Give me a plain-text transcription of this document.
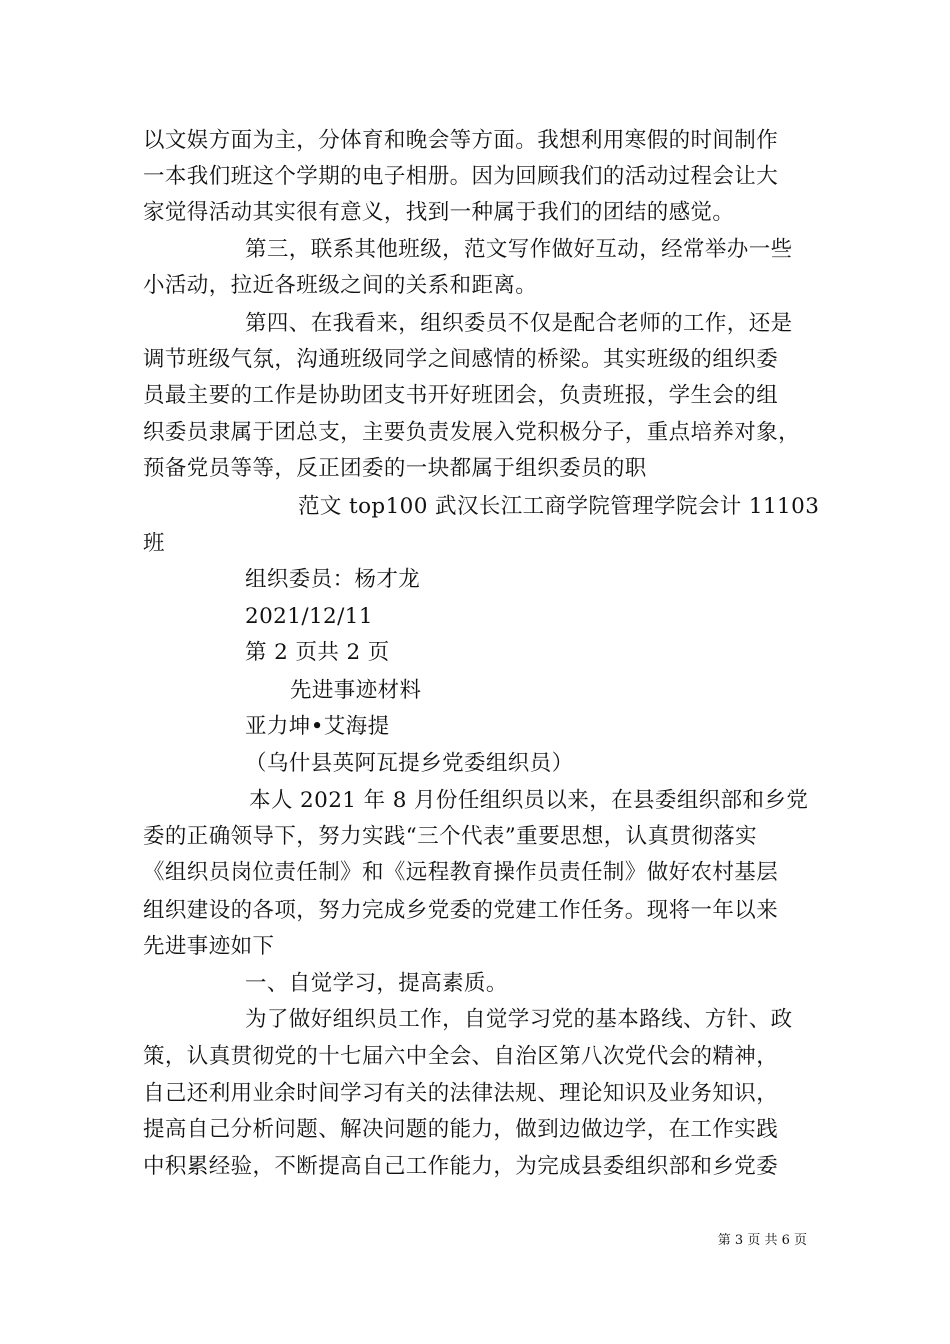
以文娱方面为主，分体育和晚会等方面。我想利用寒假的时间制作
一本我们班这个学期的电子相册。因为回顾我们的活动过程会让大
家觉得活动其实很有意义，找到一种属于我们的团结的感觉。
第三，联系其他班级，范文写作做好互动，经常举办一些
小活动，拉近各班级之间的关系和距离。
第四、在我看来，组织委员不仅是配合老师的工作，还是
调节班级气氛，沟通班级同学之间感情的桥梁。其实班级的组织委
员最主要的工作是协助团支书开好班团会，负责班报，学生会的组
织委员隶属于团总支，主要负责发展入党积极分子，重点培养对象，
预备党员等等，反正团委的一块都属于组织委员的职
范文 top100 武汉长江工商学院管理学院会计 11103
班
组织委员：杨才龙
2021/12/11
第 2 页共 2 页
先进事迹材料
亚力坤•艾海提
（乌什县英阿瓦提乡党委组织员）
本人 2021 年 8 月份任组织员以来，在县委组织部和乡党
委的正确领导下，努力实践“三个代表”重要思想，认真贯彻落实
《组织员岗位责任制》和《远程教育操作员责任制》做好农村基层
组织建设的各项，努力完成乡党委的党建工作任务。现将一年以来
先进事迹如下
一、自觉学习，提高素质。
为了做好组织员工作，自觉学习党的基本路线、方针、政
策，认真贯彻党的十七届六中全会、自治区第八次党代会的精神，
自己还利用业余时间学习有关的法律法规、理论知识及业务知识，
提高自己分析问题、解决问题的能力，做到边做边学，在工作实践
中积累经验，不断提高自己工作能力，为完成县委组织部和乡党委
第 3 页 共 6 页
